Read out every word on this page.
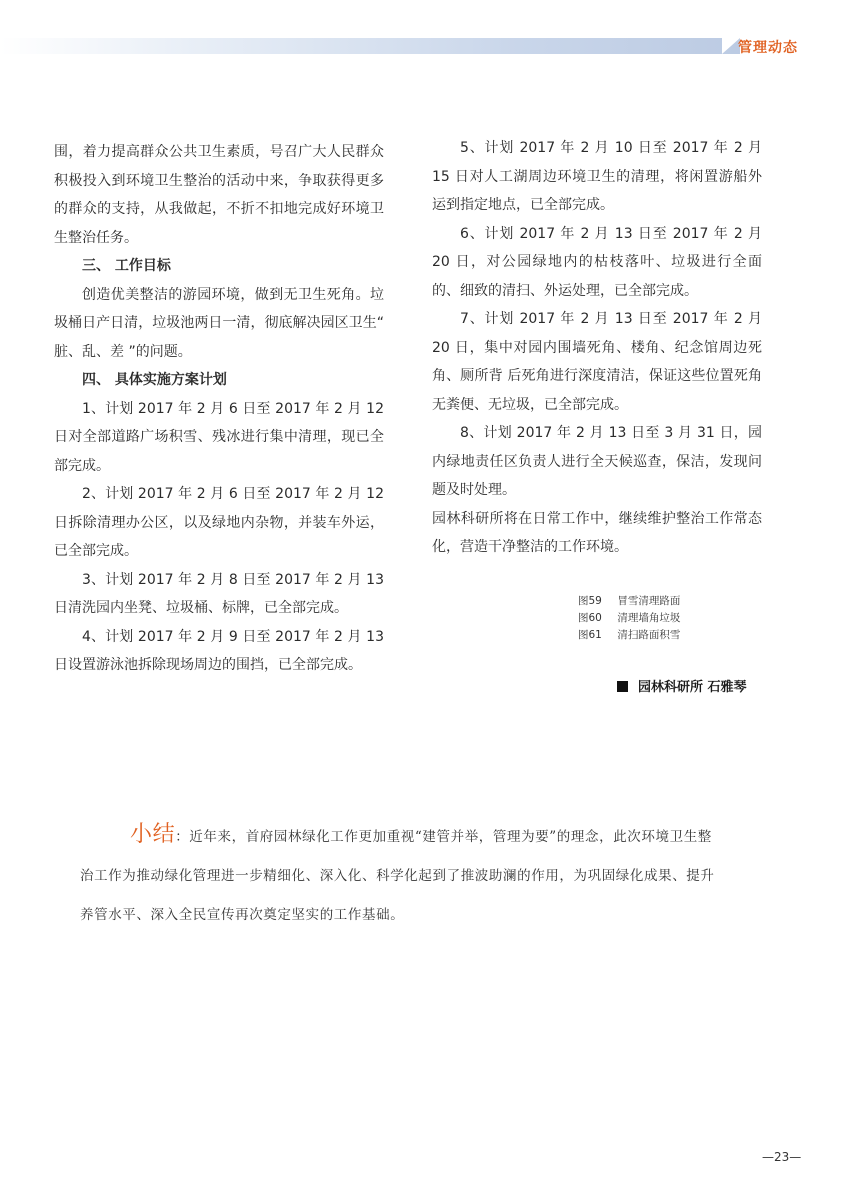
管理动态

围，着力提高群众公共卫生素质，号召广大人民群众积极投入到环境卫生整治的活动中来，争取获得更多的群众的支持，从我做起，不折不扣地完成好环境卫生整治任务。

三、 工作目标

创造优美整洁的游园环境，做到无卫生死角。垃圾桶日产日清，垃圾池两日一清，彻底解决园区卫生“ 脏、乱、差 ”的问题。

四、 具体实施方案计划

1、计划 2017 年 2 月 6 日至 2017 年 2 月 12 日对全部道路广场积雪、残冰进行集中清理，现已全部完成。

2、计划 2017 年 2 月 6 日至 2017 年 2 月 12 日拆除清理办公区，以及绿地内杂物，并装车外运，已全部完成。

3、计划 2017 年 2 月 8 日至 2017 年 2 月 13 日清洗园内坐凳、垃圾桶、标牌，已全部完成。

4、计划 2017 年 2 月 9 日至 2017 年 2 月 13 日设置游泳池拆除现场周边的围挡，已全部完成。

5、计划 2017 年 2 月 10 日至 2017 年 2 月 15 日对人工湖周边环境卫生的清理，将闲置游船外运到指定地点，已全部完成。

6、计划 2017 年 2 月 13 日至 2017 年 2 月 20 日，对公园绿地内的枯枝落叶、垃圾进行全面的、细致的清扫、外运处理，已全部完成。

7、计划 2017 年 2 月 13 日至 2017 年 2 月 20 日，集中对园内围墙死角、楼角、纪念馆周边死角、厕所背 后死角进行深度清洁，保证这些位置死角无粪便、无垃圾，已全部完成。

8、计划 2017 年 2 月 13 日至 3 月 31 日，园内绿地责任区负责人进行全天候巡查，保洁，发现问题及时处理。

园林科研所将在日常工作中，继续维护整治工作常态化，营造干净整洁的工作环境。

图59 冒雪清理路面
图60 清理墙角垃圾
图61 清扫路面积雪
园林科研所 石雅琴

小结：近年来，首府园林绿化工作更加重视“建管并举，管理为要”的理念，此次环境卫生整

治工作为推动绿化管理进一步精细化、深入化、科学化起到了推波助澜的作用，为巩固绿化成果、提升

养管水平、深入全民宣传再次奠定坚实的工作基础。

—23—
